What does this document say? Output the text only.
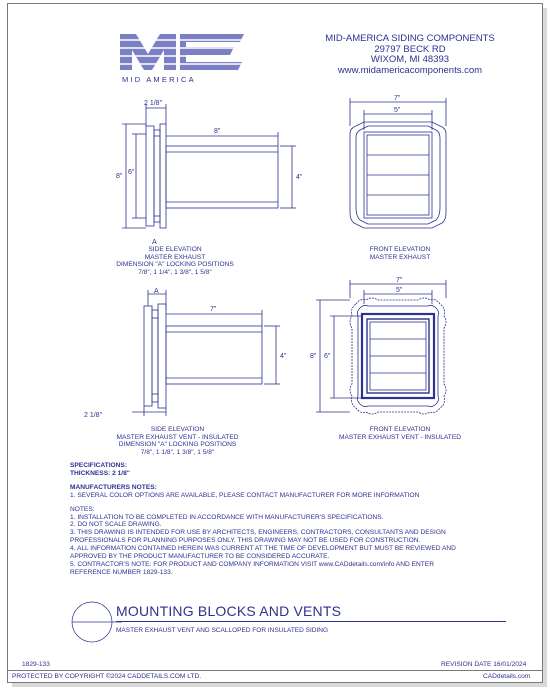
MID AMERICA
MID-AMERICA SIDING COMPONENTS
29797 BECK RD
WIXOM, MI 48393
www.midamericacomponents.com
2 1/8"
8"
8"
6"
4"
A
SIDE ELEVATION
MASTER EXHAUST
DIMENSION "A" LOCKING POSITIONS
7/8", 1 1/4", 1 3/8", 1 5/8"
7"
5"
FRONT ELEVATION
MASTER EXHAUST
A
7"
4"
2 1/8"
SIDE ELEVATION
MASTER EXHAUST VENT - INSULATED
DIMENSION "A" LOCKING POSITIONS
7/8", 1 1/8", 1 3/8", 1 5/8"
7"
5"
8" 6"
FRONT ELEVATION
MASTER EXHAUST VENT - INSULATED
SPECIFICATIONS:
THICKNESS: 2 1/8"
MANUFACTURERS NOTES:
1. SEVERAL COLOR OPTIONS ARE AVAILABLE, PLEASE CONTACT MANUFACTURER FOR MORE INFORMATION
NOTES:
1. INSTALLATION TO BE COMPLETED IN ACCORDANCE WITH MANUFACTURER'S SPECIFICATIONS.
2. DO NOT SCALE DRAWING.
3. THIS DRAWING IS INTENDED FOR USE BY ARCHITECTS, ENGINEERS, CONTRACTORS, CONSULTANTS AND DESIGN
PROFESSIONALS FOR PLANNING PURPOSES ONLY. THIS DRAWING MAY NOT BE USED FOR CONSTRUCTION.
4. ALL INFORMATION CONTAINED HEREIN WAS CURRENT AT THE TIME OF DEVELOPMENT BUT MUST BE REVIEWED AND
APPROVED BY THE PRODUCT MANUFACTURER TO BE CONSIDERED ACCURATE.
5. CONTRACTOR'S NOTE: FOR PRODUCT AND COMPANY INFORMATION VISIT www.CADdetails.com/info AND ENTER
REFERENCE NUMBER 1829-133.
MOUNTING BLOCKS AND VENTS
MASTER EXHAUST VENT AND SCALLOPED FOR INSULATED SIDING
1829-133	REVISION DATE 16/01/2024
PROTECTED BY COPYRIGHT ©2024 CADDETAILS.COM LTD.	CADdetails.com
